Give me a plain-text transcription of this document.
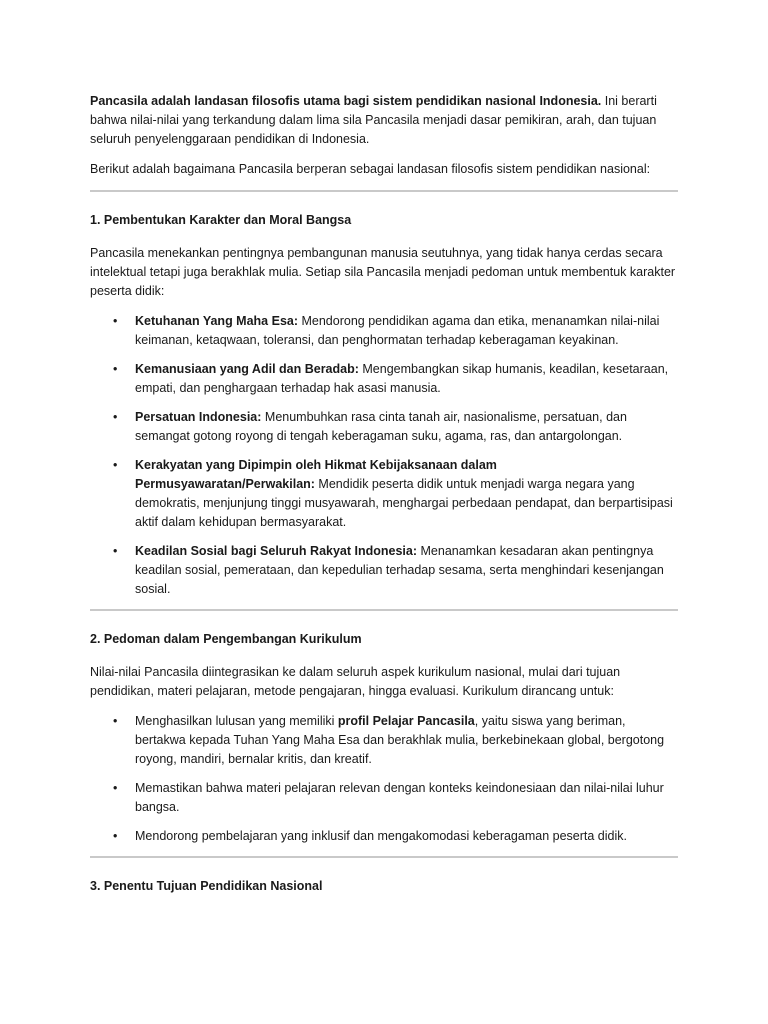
Pancasila adalah landasan filosofis utama bagi sistem pendidikan nasional Indonesia. Ini berarti bahwa nilai-nilai yang terkandung dalam lima sila Pancasila menjadi dasar pemikiran, arah, dan tujuan seluruh penyelenggaraan pendidikan di Indonesia.

Berikut adalah bagaimana Pancasila berperan sebagai landasan filosofis sistem pendidikan nasional:

1. Pembentukan Karakter dan Moral Bangsa

Pancasila menekankan pentingnya pembangunan manusia seutuhnya, yang tidak hanya cerdas secara intelektual tetapi juga berakhlak mulia. Setiap sila Pancasila menjadi pedoman untuk membentuk karakter peserta didik:

• Ketuhanan Yang Maha Esa: Mendorong pendidikan agama dan etika, menanamkan nilai-nilai keimanan, ketaqwaan, toleransi, dan penghormatan terhadap keberagaman keyakinan.
• Kemanusiaan yang Adil dan Beradab: Mengembangkan sikap humanis, keadilan, kesetaraan, empati, dan penghargaan terhadap hak asasi manusia.
• Persatuan Indonesia: Menumbuhkan rasa cinta tanah air, nasionalisme, persatuan, dan semangat gotong royong di tengah keberagaman suku, agama, ras, dan antargolongan.
• Kerakyatan yang Dipimpin oleh Hikmat Kebijaksanaan dalam Permusyawaratan/Perwakilan: Mendidik peserta didik untuk menjadi warga negara yang demokratis, menjunjung tinggi musyawarah, menghargai perbedaan pendapat, dan berpartisipasi aktif dalam kehidupan bermasyarakat.
• Keadilan Sosial bagi Seluruh Rakyat Indonesia: Menanamkan kesadaran akan pentingnya keadilan sosial, pemerataan, dan kepedulian terhadap sesama, serta menghindari kesenjangan sosial.
2. Pedoman dalam Pengembangan Kurikulum

Nilai-nilai Pancasila diintegrasikan ke dalam seluruh aspek kurikulum nasional, mulai dari tujuan pendidikan, materi pelajaran, metode pengajaran, hingga evaluasi. Kurikulum dirancang untuk:

• Menghasilkan lulusan yang memiliki profil Pelajar Pancasila, yaitu siswa yang beriman, bertakwa kepada Tuhan Yang Maha Esa dan berakhlak mulia, berkebinekaan global, bergotong royong, mandiri, bernalar kritis, dan kreatif.
• Memastikan bahwa materi pelajaran relevan dengan konteks keindonesiaan dan nilai-nilai luhur bangsa.
• Mendorong pembelajaran yang inklusif dan mengakomodasi keberagaman peserta didik.
3. Penentu Tujuan Pendidikan Nasional
